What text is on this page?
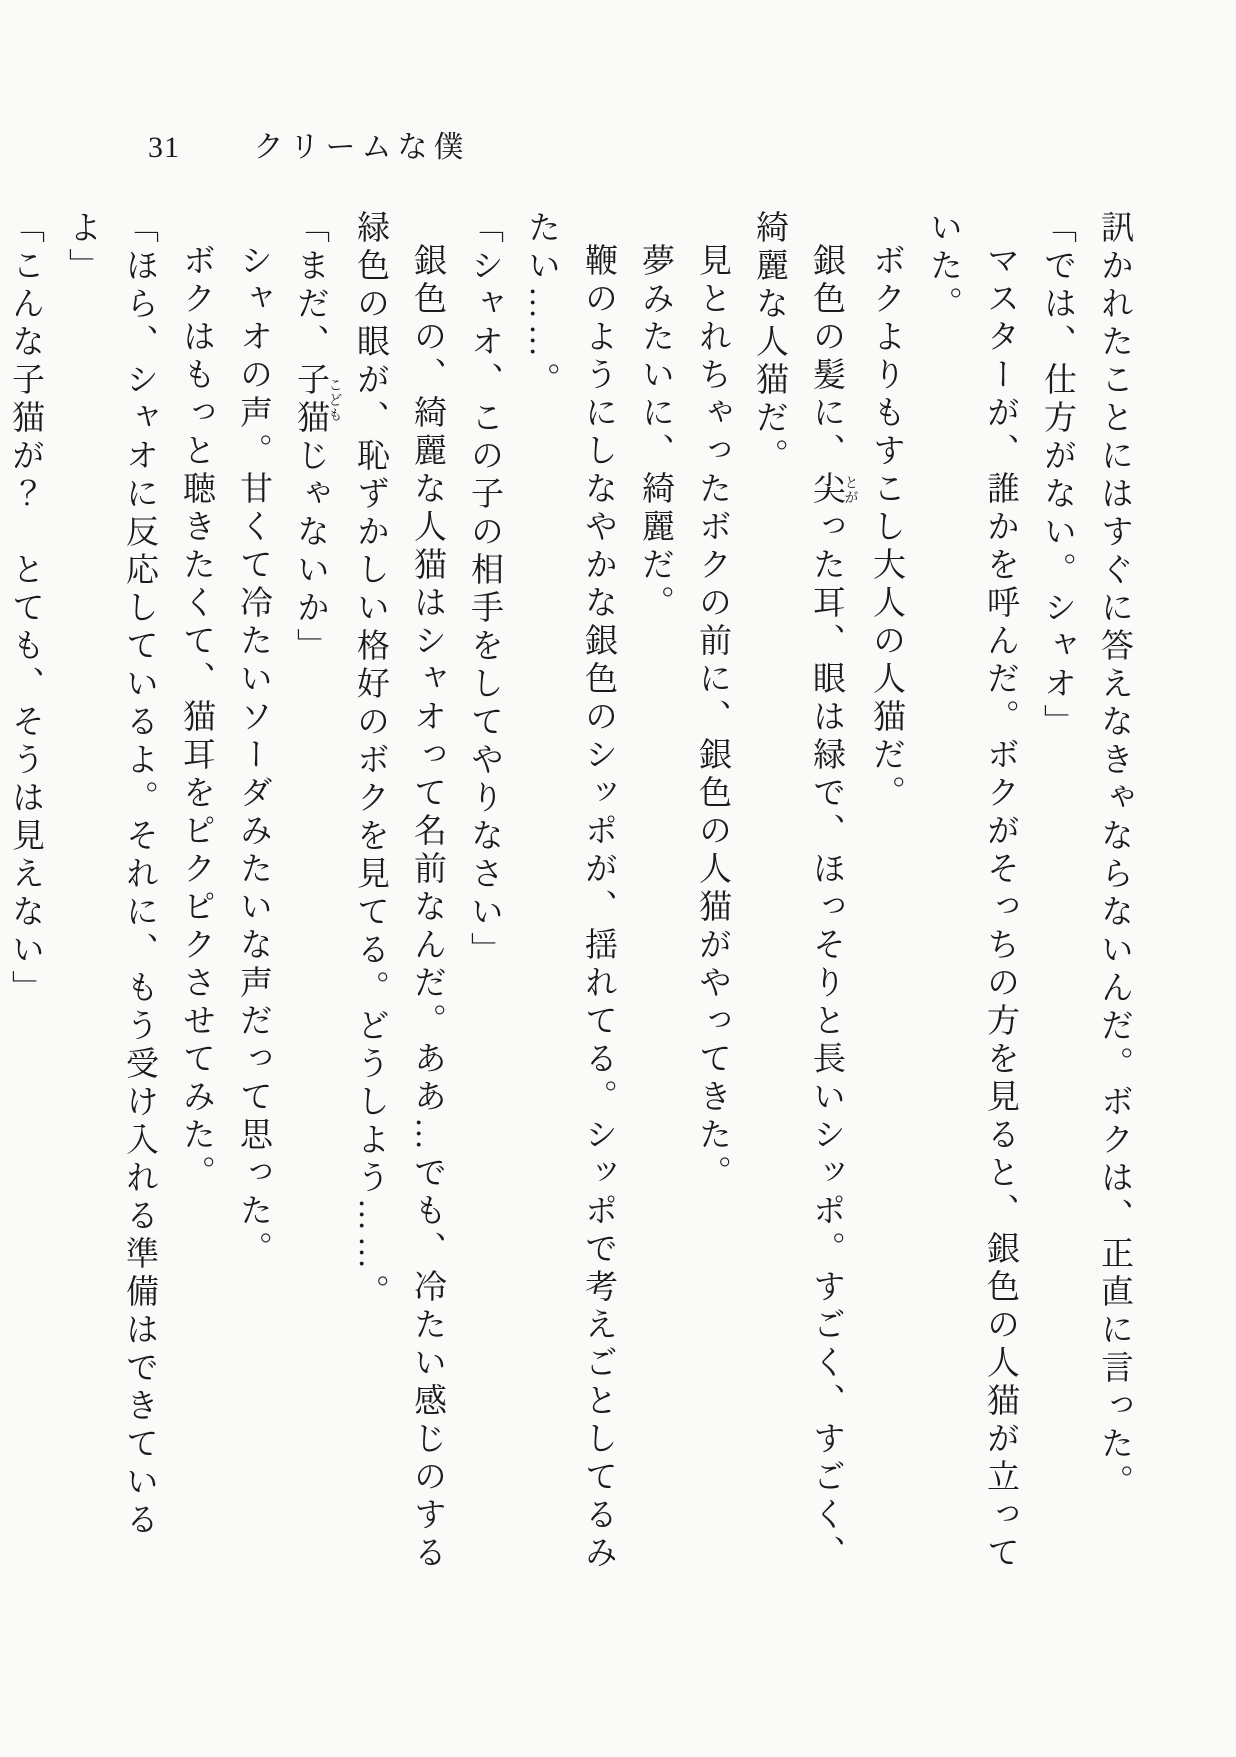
31 クリームな僕

訊かれたことにはすぐに答えなきゃならないんだ。ボクは、正直に言った。

「では、仕方がない。シャオ」

マスターが、誰かを呼んだ。ボクがそっちの方を見ると、銀色の人猫が立っていた。

ボクよりもすこし大人の人猫だ。

銀色の髪に、尖とがった耳、眼は緑で、ほっそりと長いシッポ。すごく、すごく、綺麗な人猫だ。

見とれちゃったボクの前に、銀色の人猫がやってきた。

夢みたいに、綺麗だ。

鞭のようにしなやかな銀色のシッポが、揺れてる。シッポで考えごとしてるみたい……。

「シャオ、この子の相手をしてやりなさい」

銀色の、綺麗な人猫はシャオって名前なんだ。ああ…でも、冷たい感じのする緑色の眼が、恥ずかしい格好のボクを見てる。どうしよう……。

「まだ、子猫こどもじゃないか」

シャオの声。甘くて冷たいソーダみたいな声だって思った。

ボクはもっと聴きたくて、猫耳をピクピクさせてみた。

「ほら、シャオに反応しているよ。それに、もう受け入れる準備はできているよ」

「こんな子猫が？　とても、そうは見えない」
